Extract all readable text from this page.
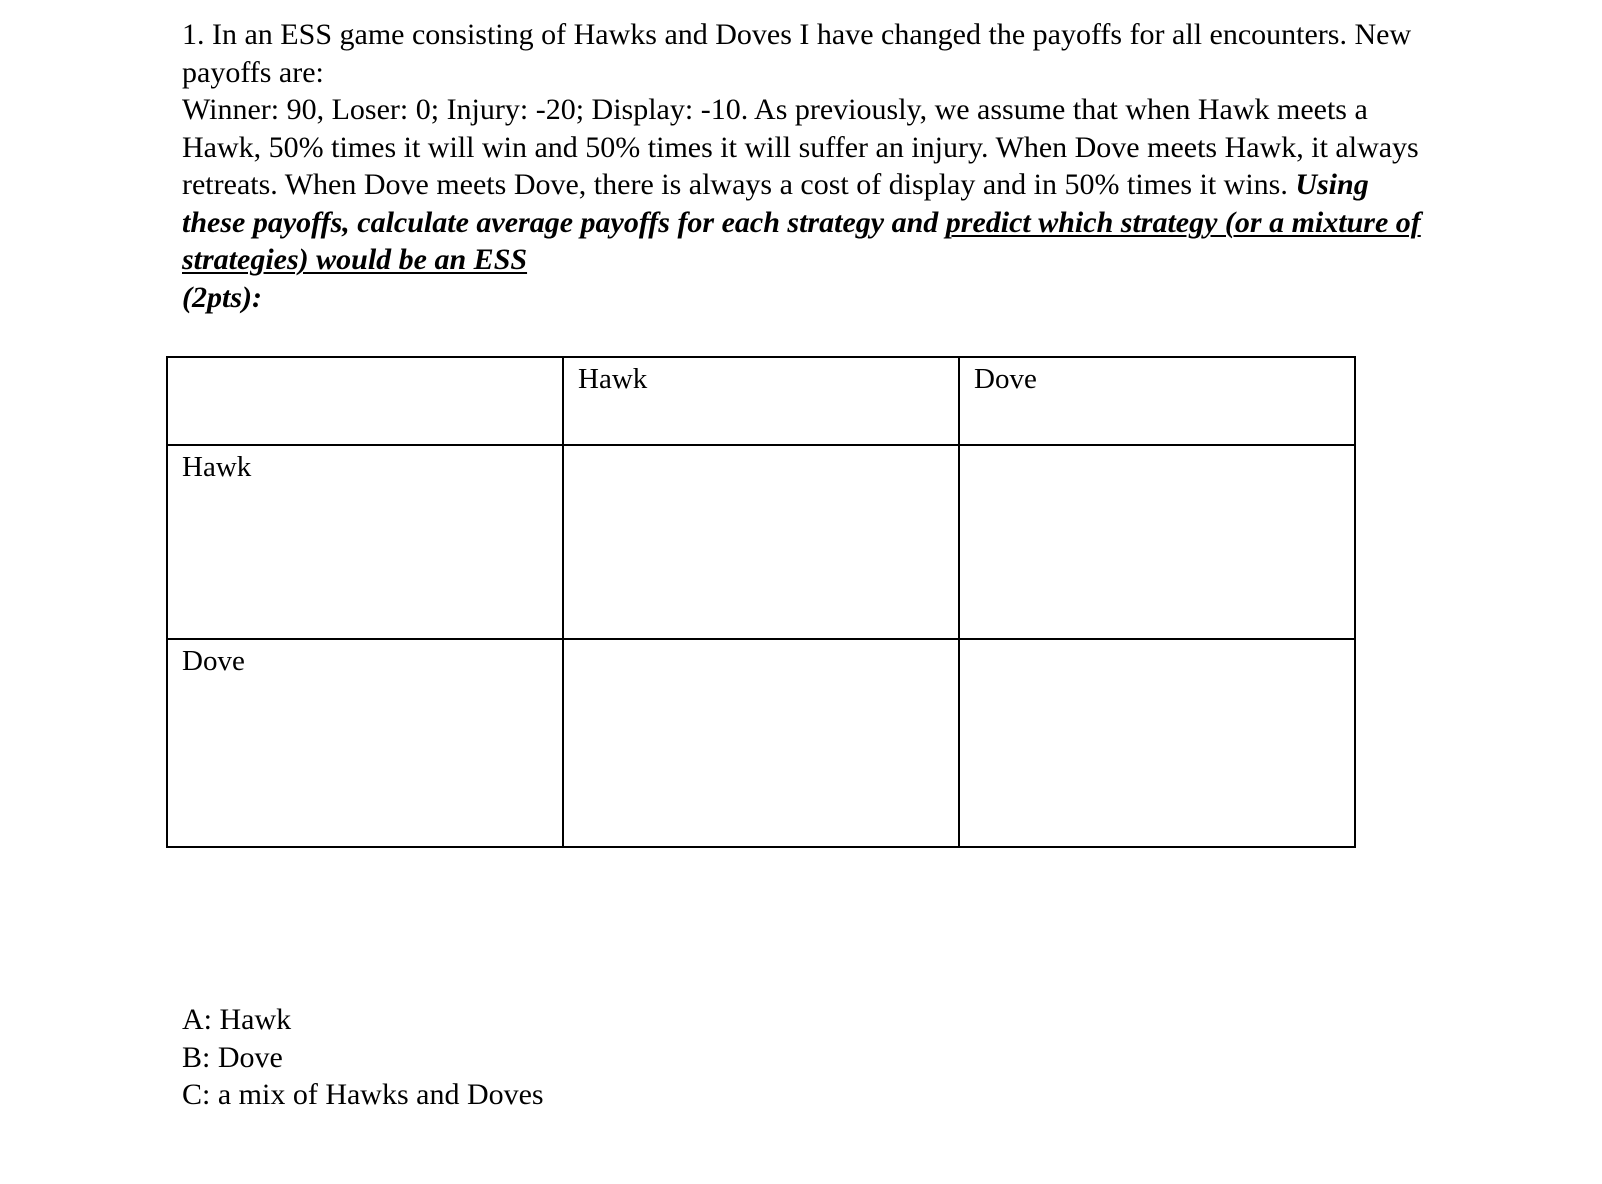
1. In an ESS game consisting of Hawks and Doves I have changed the payoffs for all encounters. New payoffs are:

Winner: 90, Loser: 0; Injury: -20; Display: -10. As previously, we assume that when Hawk meets a Hawk, 50% times it will win and 50% times it will suffer an injury. When Dove meets Hawk, it always retreats. When Dove meets Dove, there is always a cost of display and in 50% times it wins. Using these payoffs, calculate average payoffs for each strategy and predict which strategy (or a mixture of strategies) would be an ESS
(2pts):

	Hawk	Dove
Hawk		
Dove		
A: Hawk
B: Dove
C: a mix of Hawks and Doves
